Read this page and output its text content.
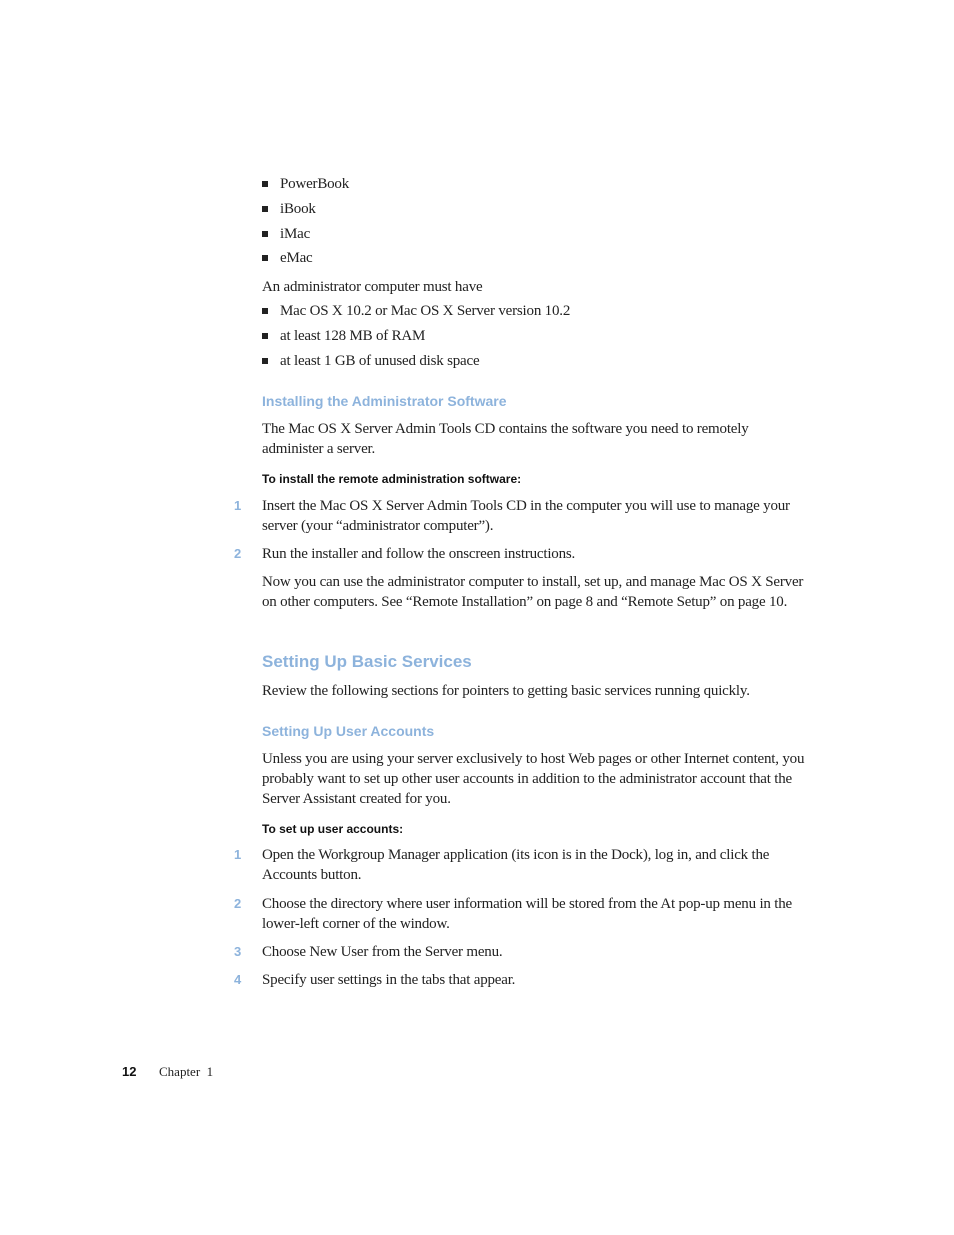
PowerBook
iBook
iMac
eMac
An administrator computer must have
Mac OS X 10.2 or Mac OS X Server version 10.2
at least 128 MB of RAM
at least 1 GB of unused disk space
Installing the Administrator Software
The Mac OS X Server Admin Tools CD contains the software you need to remotely administer a server.
To install the remote administration software:
1 Insert the Mac OS X Server Admin Tools CD in the computer you will use to manage your server (your “administrator computer”).
2 Run the installer and follow the onscreen instructions.
Now you can use the administrator computer to install, set up, and manage Mac OS X Server on other computers. See “Remote Installation” on page 8 and “Remote Setup” on page 10.
Setting Up Basic Services
Review the following sections for pointers to getting basic services running quickly.
Setting Up User Accounts
Unless you are using your server exclusively to host Web pages or other Internet content, you probably want to set up other user accounts in addition to the administrator account that the Server Assistant created for you.
To set up user accounts:
1 Open the Workgroup Manager application (its icon is in the Dock), log in, and click the Accounts button.
2 Choose the directory where user information will be stored from the At pop-up menu in the lower-left corner of the window.
3 Choose New User from the Server menu.
4 Specify user settings in the tabs that appear.
12 Chapter  1
